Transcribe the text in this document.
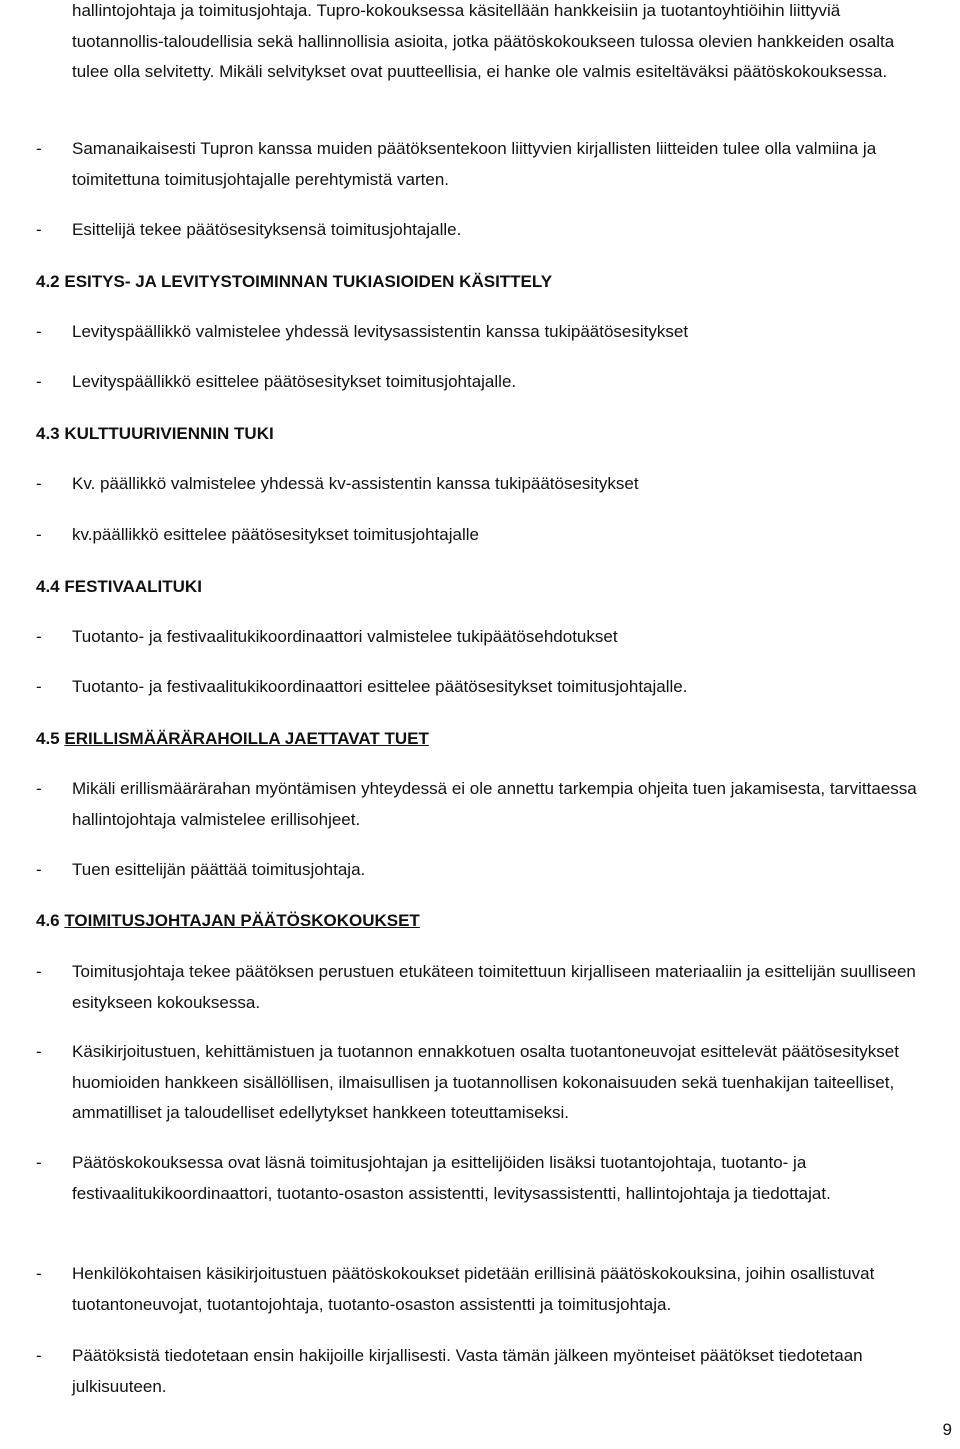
hallintojohtaja ja toimitusjohtaja. Tupro-kokouksessa käsitellään hankkeisiin ja tuotantoyhtiöihin liittyviä tuotannollis-taloudellisia sekä hallinnollisia asioita, jotka päätöskokoukseen tulossa olevien hankkeiden osalta tulee olla selvitetty. Mikäli selvitykset ovat puutteellisia, ei hanke ole valmis esiteltäväksi päätöskokouksessa.

-	Samanaikaisesti Tupron kanssa muiden päätöksentekoon liittyvien kirjallisten liitteiden tulee olla valmiina ja toimitettuna toimitusjohtajalle perehtymistä varten.
-	Esittelijä tekee päätösesityksensä toimitusjohtajalle.
4.2 ESITYS- JA LEVITYSTOIMINNAN TUKIASIOIDEN KÄSITTELY
-	Levityspäällikkö valmistelee yhdessä levitysassistentin kanssa tukipäätösesitykset
-	Levityspäällikkö esittelee päätösesitykset toimitusjohtajalle.
4.3 KULTTUURIVIENNIN TUKI
-	Kv. päällikkö valmistelee yhdessä kv-assistentin kanssa tukipäätösesitykset
-	kv.päällikkö esittelee päätösesitykset toimitusjohtajalle
4.4 FESTIVAALITUKI
-	Tuotanto- ja festivaalitukikoordinaattori valmistelee tukipäätösehdotukset
-	Tuotanto- ja festivaalitukikoordinaattori esittelee päätösesitykset toimitusjohtajalle.
4.5 ERILLISMÄÄRÄRAHOILLA JAETTAVAT TUET
-	Mikäli erillismäärärahan myöntämisen yhteydessä ei ole annettu tarkempia ohjeita tuen jakamisesta, tarvittaessa hallintojohtaja valmistelee erillisohjeet.
-	Tuen esittelijän päättää toimitusjohtaja.
4.6 TOIMITUSJOHTAJAN PÄÄTÖSKOKOUKSET
-	Toimitusjohtaja tekee päätöksen perustuen etukäteen toimitettuun kirjalliseen materiaaliin ja esittelijän suulliseen esitykseen kokouksessa.
-	Käsikirjoitustuen, kehittämistuen ja tuotannon ennakkotuen osalta tuotantoneuvojat esittelevät päätösesitykset huomioiden hankkeen sisällöllisen, ilmaisullisen ja tuotannollisen kokonaisuuden sekä tuenhakijan taiteelliset, ammatilliset ja taloudelliset edellytykset hankkeen toteuttamiseksi.
-	Päätöskokouksessa ovat läsnä toimitusjohtajan ja esittelijöiden lisäksi tuotantojohtaja, tuotanto- ja festivaalitukikoordinaattori, tuotanto-osaston assistentti, levitysassistentti, hallintojohtaja ja tiedottajat.
-	Henkilökohtaisen käsikirjoitustuen päätöskokoukset pidetään erillisinä päätöskokouksina, joihin osallistuvat tuotantoneuvojat, tuotantojohtaja, tuotanto-osaston assistentti ja toimitusjohtaja.
-	Päätöksistä tiedotetaan ensin hakijoille kirjallisesti. Vasta tämän jälkeen myönteiset päätökset tiedotetaan julkisuuteen.
9
